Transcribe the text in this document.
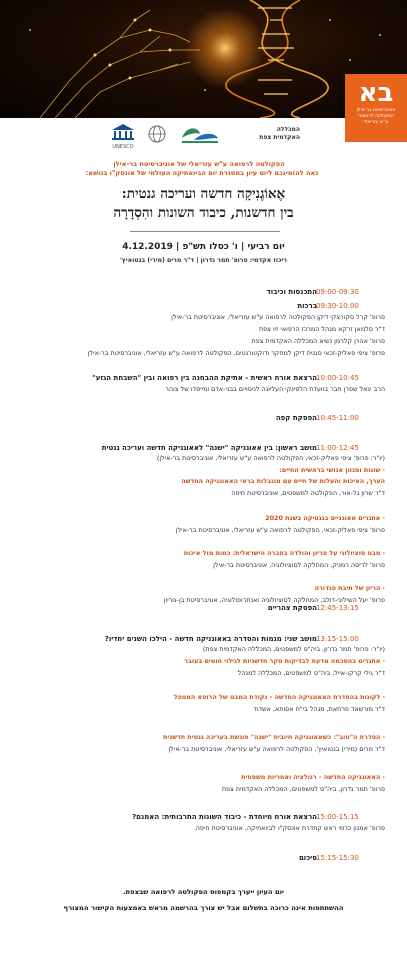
בא
אוניברסיטת בר-אילן
הפקולטה לרפואה
ע"ש עזריאלי
UNESCO
המכללה
האקדמית צפת
הפקולטה לרפואה ע"ש עזריאלי של אוניברסיטת בר-אילן
נאה להזמינכם ליום עיון במסגרת יום הביואתיקה העולמי של אונסק"ו בנושא:
אֶאוֹגֶנִיקָה חדשה ועריכה גנטית:
בין חדשנות, כיבוד השונות והִסְדָרָה
יום רביעי | ו' כסלו תש"פ | 4.12.2019
ריכוז אקדמי: פרופ' תמר גדרון | ד"ר מרים (מירי) בנטואיץ'
התכנסות וכיבוד 09:00-09:30
ברכות 09:30-10:00
פרופ' קרל סקורצקי דיקן הפקולטה לרפואה ע"ש עזריאלי, אוניברסיטת בר-אילן
ד"ר סלמאן זרקא מנהל המרכז הרפואי זיו צפת
פרופ' אהרן קלרמן נשיא המכללה האקדמית צפת
פרופ' ציפי פאליק-זכאי סגנית דיקן למחקר ודוקטורנטים, הפקולטה לרפואה ע"ש עזריאלי, אוניברסיטת בר-אילן
הרצאת אורח ראשית - אתיקת ההבחנה בין רפואה ובין "השבחת הגזע" 10:00-10:45
הרב יגאל שפרן חבר בוועדת הלסינקי העליונה לניסויים בבני-אדם ומייסדו של צוהר
הפסקת קפה 10:45-11:00
מושב ראשון: בין אאוגניקה "ישנה" לאאוגניקה חדשה ועריכה גנטית 11:00-12:45
(יו"ר: פרופ' ציפי פאליק-זכאי, הפקולטה לרפואה ע"ש עזריאלי, אוניברסיטת בר-אילן)
· שונות ומגוון אנושי בראשית החיים:
הערך, האיכות והעלות של חיים עם מוגבלות בראי האאוגניקה החדשה
ד"ר שרון גל-אור, הפקולטה למשפטים, אוניברסיטת חיפה
· אתגרים אאוגניים בגנטיקה בשנת 2020
פרופ' ציפי פאליק-זכאי, הפקולטה לרפואה ע"ש עזריאלי, אוניברסיטת בר-אילן
· מבט סוציולוגי על פריון והולדה בחברה הישראלית: כמות מול איכות
פרופ' לריסה רמניק, המחלקה לסוציולוגיה, אוניברסיטת בר-אילן
· הריון של תיבת פנדורה
פרופ' יעל השילוני-דולב, המחלקה לסוציולוגיה ואנתרופולוגיה, אוניברסיטת בן-גוריון
הפסקת צהריים 12:45-13:15
מושב שני: מגמות והסדרה באאוגניקה חדשה - הילכו השנים יחדיו? 13:15-15:00
(יו"ר: פרופ' תמר גדרון, ביה"ס למשפטים, המכללה האקדמית צפת)
· אתגרים בהסכמה מדעת לבדיקות סקר חדשניות לגילוי חומים בעובר
ד"ר גילי קרקו-אייל, ביה"ס למשפטים, המכללה למנהל
· לקונות בהסדרת האאוגניקה החדשה - נקודת המבט של הרופא המטפל
ד"ר מורשאד פרחאת, מנהל בי"ח אסותא, אשדוד
· הסדרת ה"טוב": כשאאוגניקה חיובית "ישנה" פוגשת בעריכה גנטית חדשנית
ד"ר מרים (מירי) בנטואיץ', הפקולטה לרפואה ע"ש עזריאלי, אוניברסיטת בר-אילן
· האאוגניקה החדשה - רגולציה ואחריות משפטית
פרופ' תמר גדרון, ביה"ס למשפטים, המכללה האקדמית צפת
הרצאת אורח מיוחדת - כיבוד השונות התרבותית: האמנם? 15:00-15:15
פרופ' אמנון כרמי ראש קתדרת אונסק"ו לביואתיקה, אוניברסיטת חיפה
סיכום 15:15-15:30
יום העיון ייערך בקמפוס הפקולטה לרפואה שבצפת.
ההשתתפות אינה כרוכה בתשלום אבל יש צורך בהרשמה מראש באמצעות הקישור המצורף
